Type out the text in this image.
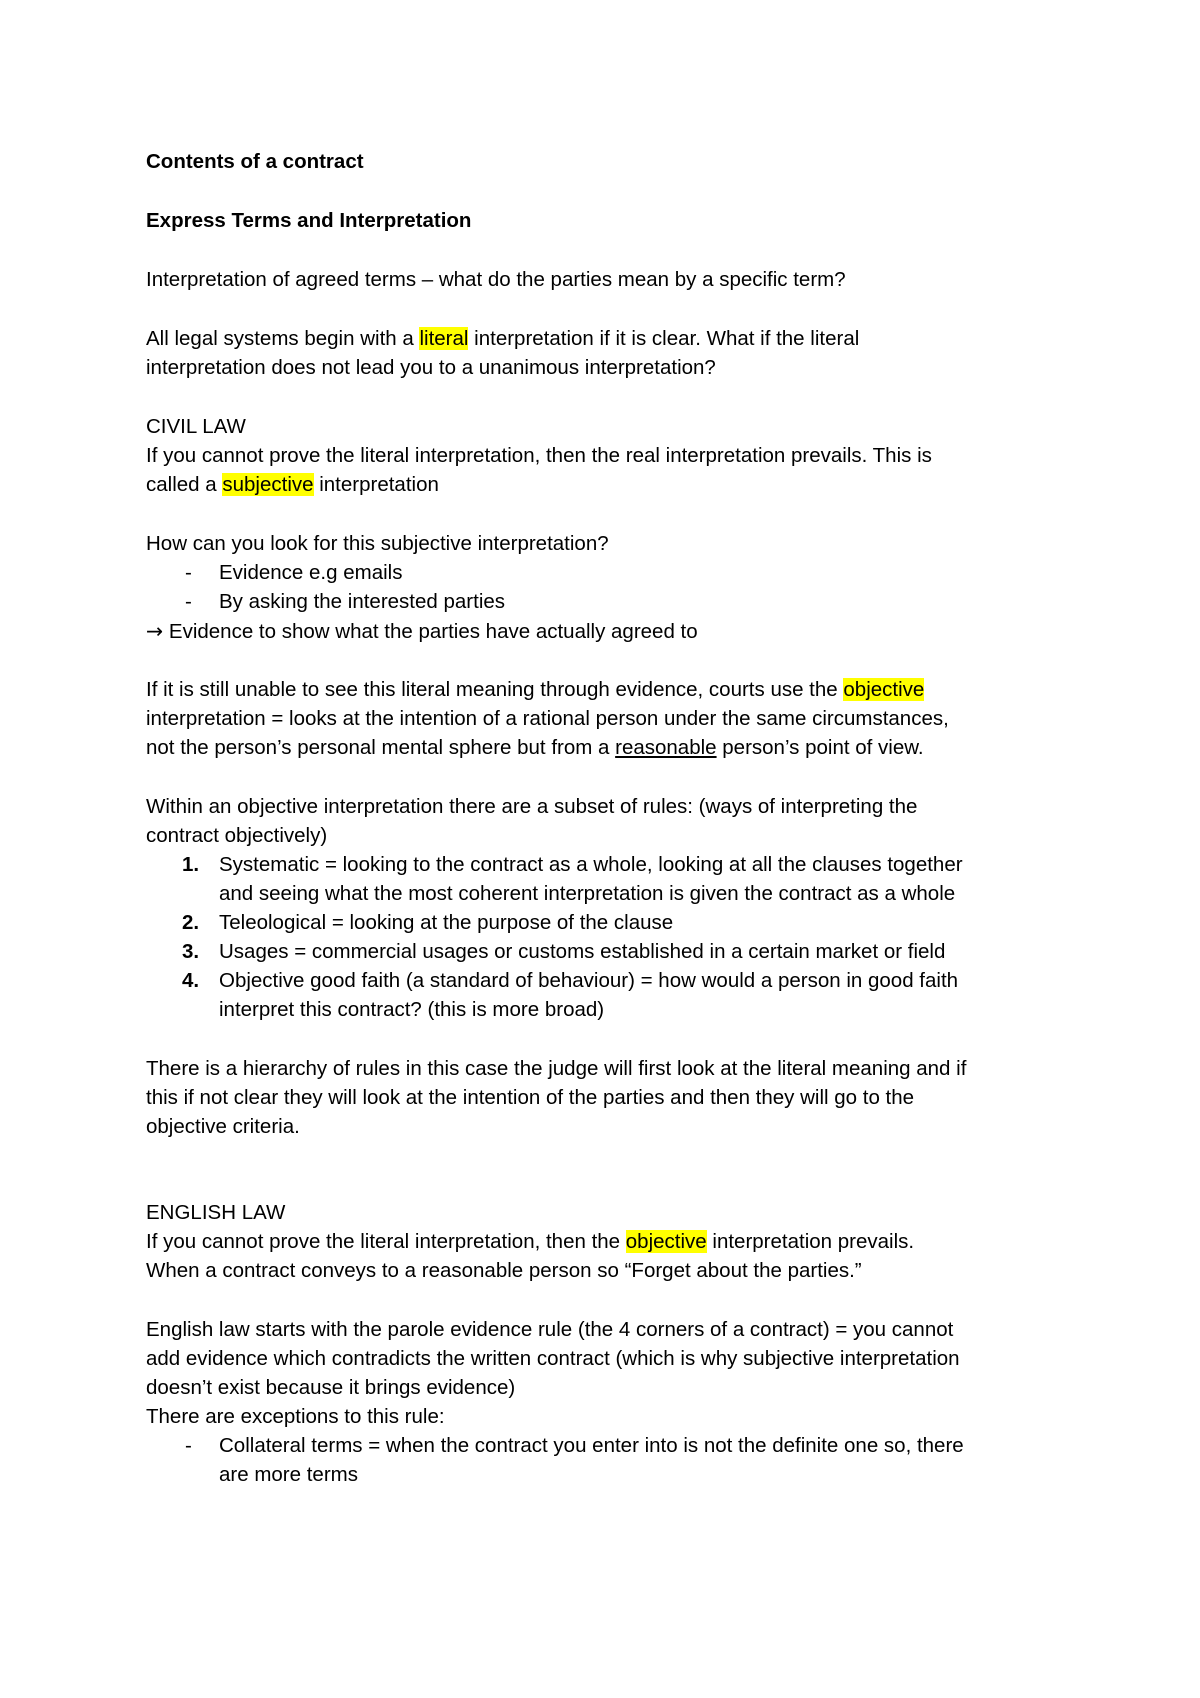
Contents of a contract
Express Terms and Interpretation
Interpretation of agreed terms – what do the parties mean by a specific term?
All legal systems begin with a literal interpretation if it is clear. What if the literal
interpretation does not lead you to a unanimous interpretation?
CIVIL LAW
If you cannot prove the literal interpretation, then the real interpretation prevails. This is
called a subjective interpretation
How can you look for this subjective interpretation?
- Evidence e.g emails
- By asking the interested parties
→ Evidence to show what the parties have actually agreed to
If it is still unable to see this literal meaning through evidence, courts use the objective
interpretation = looks at the intention of a rational person under the same circumstances,
not the person’s personal mental sphere but from a reasonable person’s point of view.
Within an objective interpretation there are a subset of rules: (ways of interpreting the
contract objectively)
1. Systematic = looking to the contract as a whole, looking at all the clauses together
and seeing what the most coherent interpretation is given the contract as a whole
2. Teleological = looking at the purpose of the clause
3. Usages = commercial usages or customs established in a certain market or field
4. Objective good faith (a standard of behaviour) = how would a person in good faith
interpret this contract? (this is more broad)
There is a hierarchy of rules in this case the judge will first look at the literal meaning and if
this if not clear they will look at the intention of the parties and then they will go to the
objective criteria.
ENGLISH LAW
If you cannot prove the literal interpretation, then the objective interpretation prevails.
When a contract conveys to a reasonable person so “Forget about the parties.”
English law starts with the parole evidence rule (the 4 corners of a contract) = you cannot
add evidence which contradicts the written contract (which is why subjective interpretation
doesn’t exist because it brings evidence)
There are exceptions to this rule:
- Collateral terms = when the contract you enter into is not the definite one so, there
are more terms
